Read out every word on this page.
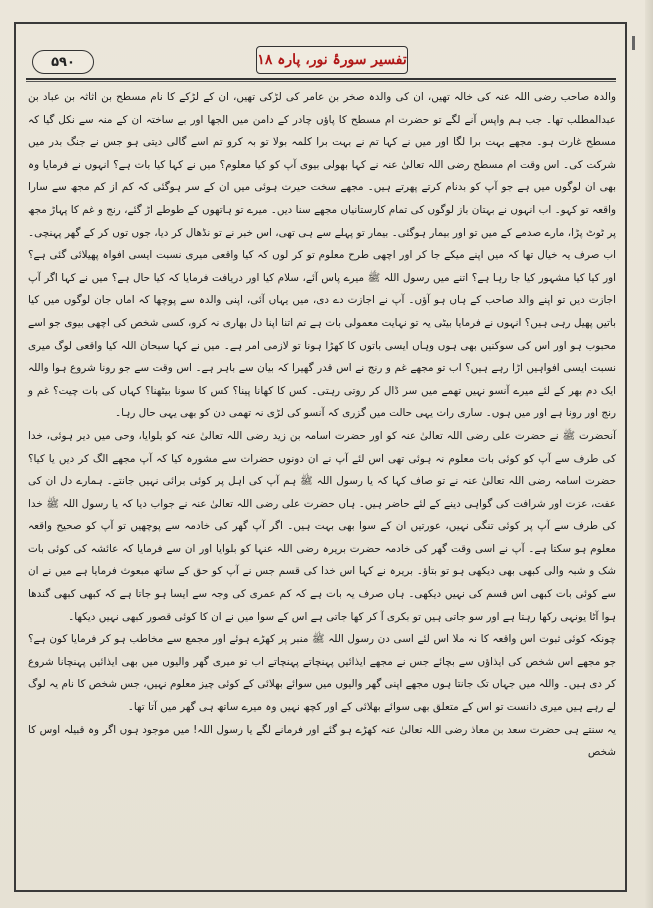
۵۹۰	تفسیر سورۂ نور، پارہ ۱۸

والدہ صاحب رضی اللہ عنہ کی خالہ تھیں، ان کی والدہ صخر بن عامر کی لڑکی تھیں، ان کے لڑکے کا نام مسطح بن اثاثہ بن عباد بن عبدالمطلب تھا۔ جب ہم واپس آنے لگے تو حضرت ام مسطح کا پاؤں چادر کے دامن میں الجھا اور بے ساختہ ان کے منہ سے نکل گیا کہ مسطح غارت ہو۔ مجھے بہت برا لگا اور میں نے کہا تم نے بہت برا کلمہ بولا تو بہ کرو تم اسے گالی دیتی ہو جس نے جنگ بدر میں شرکت کی۔ اس وقت ام مسطح رضی اللہ تعالیٰ عنہ نے کہا بھولی بیوی آپ کو کیا معلوم؟ میں نے کہا کیا بات ہے؟ انہوں نے فرمایا وہ بھی ان لوگوں میں ہے جو آپ کو بدنام کرتے پھرتے ہیں۔ مجھے سخت حیرت ہوئی میں ان کے سر ہوگئی کہ کم از کم مجھ سے سارا واقعہ تو کہو۔ اب انہوں نے بہتان باز لوگوں کی تمام کارستانیاں مجھے سنا دیں۔ میرے تو ہاتھوں کے طوطے اڑ گئے، رنج و غم کا پہاڑ مجھ پر ٹوٹ پڑا، مارے صدمے کے میں تو اور بیمار ہوگئی۔ بیمار تو پہلے سے ہی تھی، اس خبر نے تو نڈھال کر دیا، جوں توں کر کے گھر پہنچی۔ اب صرف یہ خیال تھا کہ میں اپنے میکے جا کر اور اچھی طرح معلوم تو کر لوں کہ کیا واقعی میری نسبت ایسی افواہ پھیلائی گئی ہے؟ اور کیا کیا مشہور کیا جا رہا ہے؟ اتنے میں رسول اللہ ﷺ میرے پاس آئے، سلام کیا اور دریافت فرمایا کہ کیا حال ہے؟ میں نے کہا اگر آپ اجازت دیں تو اپنے والد صاحب کے ہاں ہو آؤں۔ آپ نے اجازت دے دی، میں یہاں آئی، اپنی والدہ سے پوچھا کہ اماں جان لوگوں میں کیا باتیں پھیل رہی ہیں؟ انہوں نے فرمایا بیٹی یہ تو نہایت معمولی بات ہے تم اتنا اپنا دل بھاری نہ کرو، کسی شخص کی اچھی بیوی جو اسے محبوب ہو اور اس کی سوکنیں بھی ہوں وہاں ایسی باتوں کا کھڑا ہونا تو لازمی امر ہے۔ میں نے کہا سبحان اللہ کیا واقعی لوگ میری نسبت ایسی افواہیں اڑا رہے ہیں؟ اب تو مجھے غم و رنج نے اس قدر گھیرا کہ بیان سے باہر ہے۔ اس وقت سے جو رونا شروع ہوا واللہ ایک دم بھر کے لئے میرے آنسو نہیں تھمے میں سر ڈال کر روتی رہتی۔ کس کا کھانا پینا؟ کس کا سونا بیٹھنا؟ کہاں کی بات چیت؟ غم و رنج اور رونا ہے اور میں ہوں۔ ساری رات یہی حالت میں گزری کہ آنسو کی لڑی نہ تھمی دن کو بھی یہی حال رہا۔

آنحضرت ﷺ نے حضرت علی رضی اللہ تعالیٰ عنہ کو اور حضرت اسامہ بن زید رضی اللہ تعالیٰ عنہ کو بلوایا، وحی میں دیر ہوئی، خدا کی طرف سے آپ کو کوئی بات معلوم نہ ہوئی تھی اس لئے آپ نے ان دونوں حضرات سے مشورہ کیا کہ آپ مجھے الگ کر دیں یا کیا؟ حضرت اسامہ رضی اللہ تعالیٰ عنہ نے تو صاف کہا کہ یا رسول اللہ ﷺ ہم آپ کی اہل پر کوئی برائی نہیں جانتے۔ ہمارے دل ان کی عفت، عزت اور شرافت کی گواہی دینے کے لئے حاضر ہیں۔ ہاں حضرت علی رضی اللہ تعالیٰ عنہ نے جواب دیا کہ یا رسول اللہ ﷺ خدا کی طرف سے آپ پر کوئی تنگی نہیں، عورتیں ان کے سوا بھی بہت ہیں۔ اگر آپ گھر کی خادمہ سے پوچھیں تو آپ کو صحیح واقعہ معلوم ہو سکتا ہے۔ آپ نے اسی وقت گھر کی خادمہ حضرت بریرہ رضی اللہ عنہا کو بلوایا اور ان سے فرمایا کہ عائشہ کی کوئی بات شک و شبہ والی کبھی بھی دیکھی ہو تو بتاؤ۔ بریرہ نے کہا اس خدا کی قسم جس نے آپ کو حق کے ساتھ مبعوث فرمایا ہے میں نے ان سے کوئی بات کبھی اس قسم کی نہیں دیکھی۔ ہاں صرف یہ بات ہے کہ کم عمری کی وجہ سے ایسا ہو جاتا ہے کہ کبھی کبھی گندھا ہوا آٹا یونہی رکھا رہتا ہے اور سو جاتی ہیں تو بکری آ کر کھا جاتی ہے اس کے سوا میں نے ان کا کوئی قصور کبھی نہیں دیکھا۔

چونکہ کوئی ثبوت اس واقعہ کا نہ ملا اس لئے اسی دن رسول اللہ ﷺ منبر پر کھڑے ہوئے اور مجمع سے مخاطب ہو کر فرمایا کون ہے؟ جو مجھے اس شخص کی ایذاؤں سے بچائے جس نے مجھے ایذائیں پہنچاتے پہنچاتے اب تو میری گھر والیوں میں بھی ایذائیں پہنچانا شروع کر دی ہیں۔ واللہ میں جہاں تک جانتا ہوں مجھے اپنی گھر والیوں میں سوائے بھلائی کے کوئی چیز معلوم نہیں، جس شخص کا نام یہ لوگ لے رہے ہیں میری دانست تو اس کے متعلق بھی سوائے بھلائی کے اور کچھ نہیں وہ میرے ساتھ ہی گھر میں آتا تھا۔

یہ سنتے ہی حضرت سعد بن معاذ رضی اللہ تعالیٰ عنہ کھڑے ہو گئے اور فرمانے لگے یا رسول اللہ! میں موجود ہوں اگر وہ قبیلہ اوس کا شخص
